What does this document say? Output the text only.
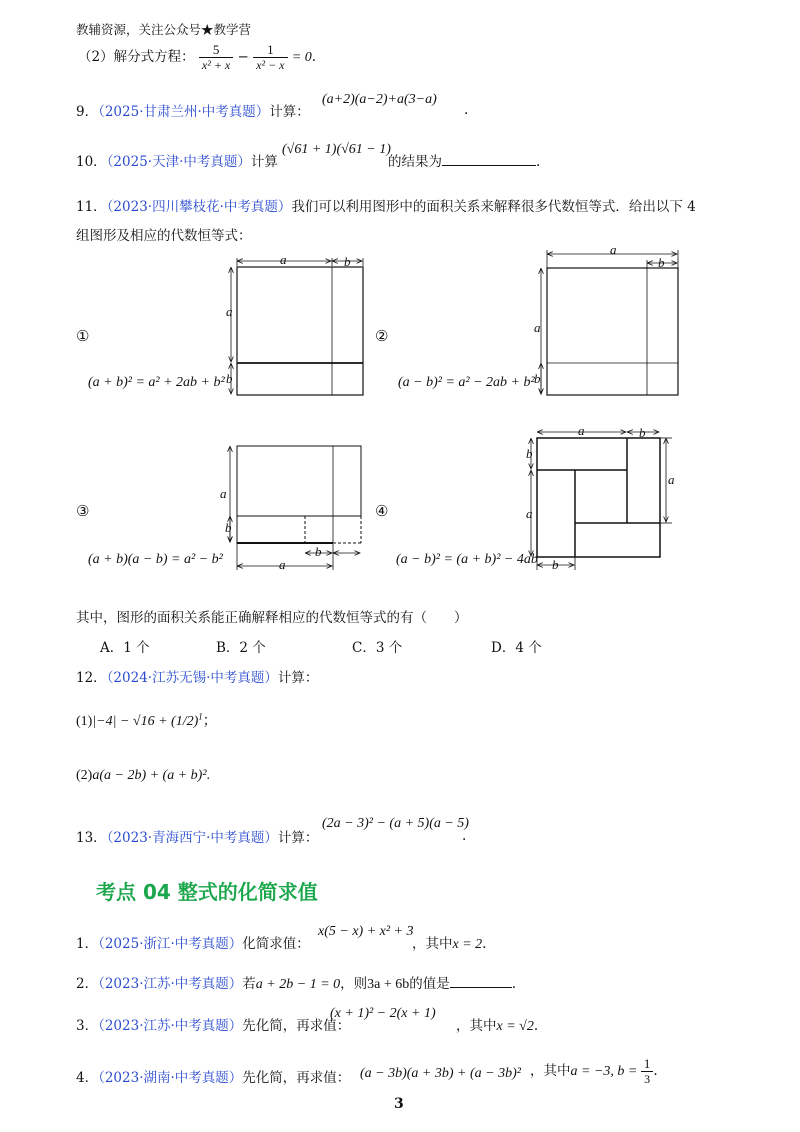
教辅资源，关注公众号★教学营
（2）解分式方程： $\frac{5}{\text{x² + x}} - \frac{1}{\text{x² − x}} = 0$.
9．（2025·甘肃兰州·中考真题）计算：
(a+2)(a−2)+a(3−a)
.
10．（2025·天津·中考真题）计算
(√61 + 1)(√61 − 1)
的结果为	.
11．（2023·四川攀枝花·中考真题）我们可以利用图形中的面积关系来解释很多代数恒等式．给出以下 4
组图形及相应的代数恒等式：
①
(a + b)² = a² + 2ab + b²
②
(a − b)² = a² − 2ab + b²
③
(a + b)(a − b) = a² − b²
④
(a − b)² = (a + b)² − 4ab
a	b
a
b
a
b
a
b
a
b
b
a
a	b
a
b
a
b
其中，图形的面积关系能正确解释相应的代数恒等式的有（　　）
A．1 个	B．2 个	C．3 个	D．4 个
12．（2024·江苏无锡·中考真题）计算：
$(1)|-4| - √16 + (1/2)^1$；
(2)a(a − 2b) + (a + b)².
13．（2023·青海西宁·中考真题）计算：
(2a − 3)² − (a + 5)(a − 5)
.
考点 04 整式的化简求值
1．（2025·浙江·中考真题）化简求值：
x(5 − x) + x² + 3
，其中x = 2.
2．（2023·江苏·中考真题）若a + 2b − 1 = 0，则3a + 6b的值是	.
3．（2023·江苏·中考真题）先化简，再求值：
(x + 1)² − 2(x + 1)
，其中x = √2.
4．（2023·湖南·中考真题）先化简，再求值： (a − 3b)(a + 3b) + (a − 3b)² ，其中a = −3, $b = \frac{1}{3}$ .
3
